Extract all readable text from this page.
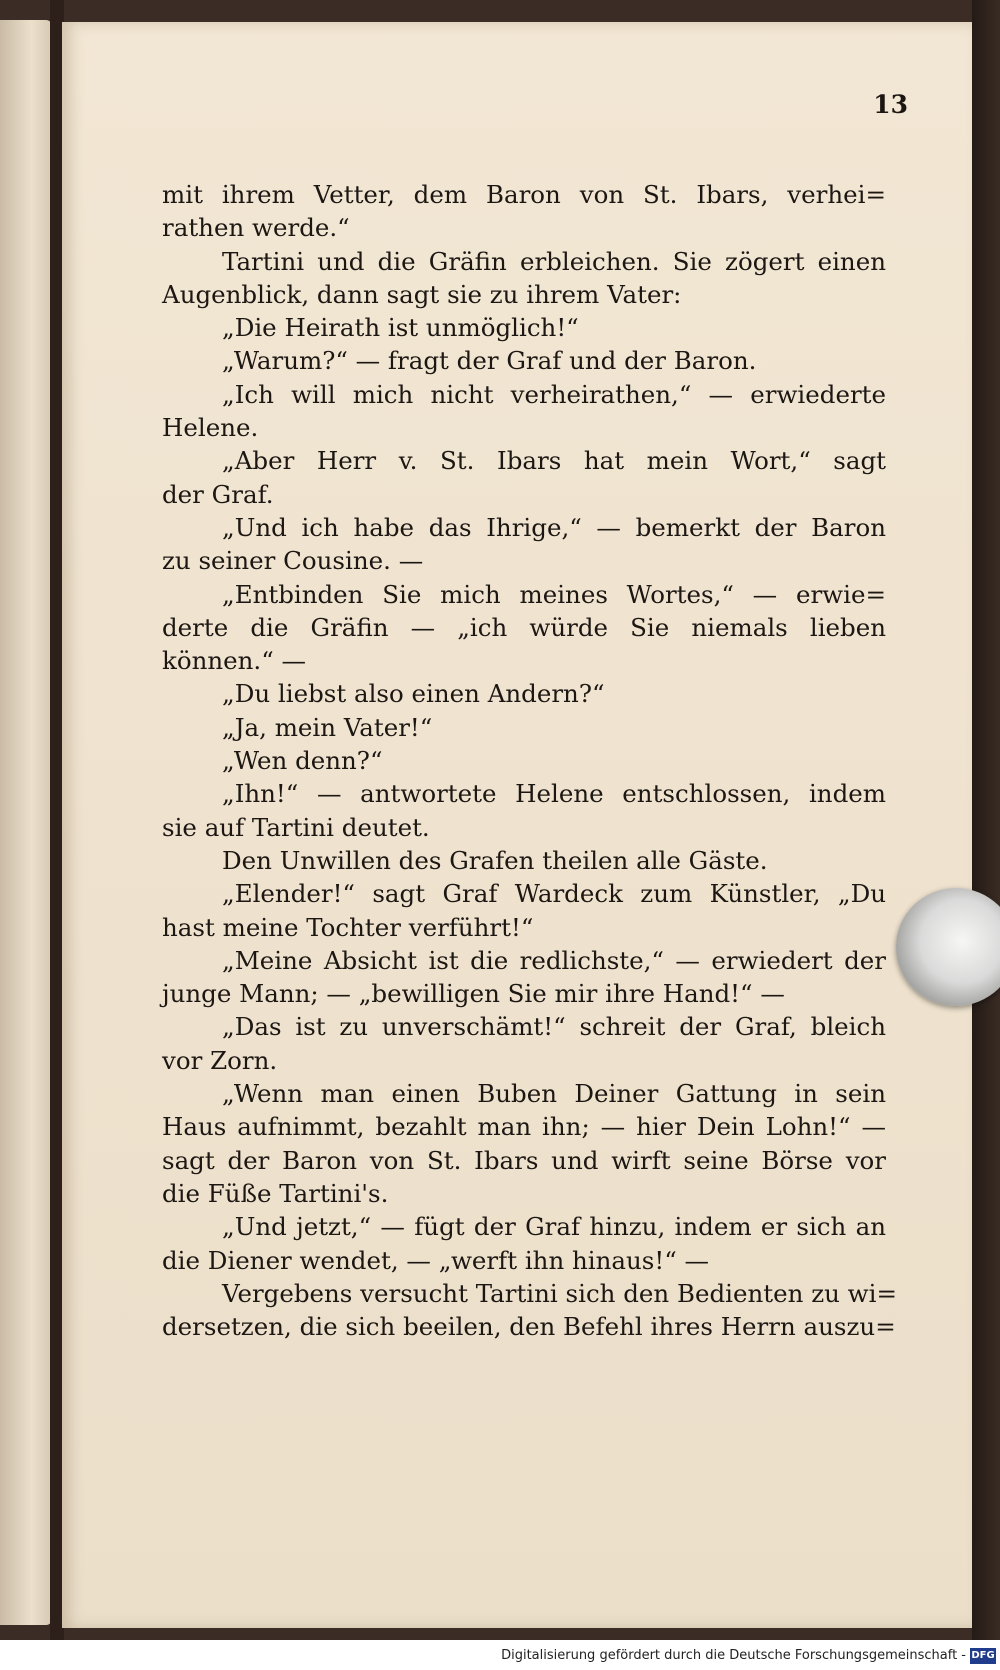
13
mit ihrem Vetter, dem Baron von St. Ibars, verhei=
rathen werde.“
Tartini und die Gräfin erbleichen. Sie zögert einen
Augenblick, dann sagt sie zu ihrem Vater:
„Die Heirath ist unmöglich!“
„Warum?“ — fragt der Graf und der Baron.
„Ich will mich nicht verheirathen,“ — erwiederte
Helene.
„Aber Herr v. St. Ibars hat mein Wort,“ sagt
der Graf.
„Und ich habe das Ihrige,“ — bemerkt der Baron
zu seiner Cousine. —
„Entbinden Sie mich meines Wortes,“ — erwie=
derte die Gräfin — „ich würde Sie niemals lieben
können.“ —
„Du liebst also einen Andern?“
„Ja, mein Vater!“
„Wen denn?“
„Ihn!“ — antwortete Helene entschlossen, indem
sie auf Tartini deutet.
Den Unwillen des Grafen theilen alle Gäste.
„Elender!“ sagt Graf Wardeck zum Künstler, „Du
hast meine Tochter verführt!“
„Meine Absicht ist die redlichste,“ — erwiedert der
junge Mann; — „bewilligen Sie mir ihre Hand!“ —
„Das ist zu unverschämt!“ schreit der Graf, bleich
vor Zorn.
„Wenn man einen Buben Deiner Gattung in sein
Haus aufnimmt, bezahlt man ihn; — hier Dein Lohn!“ —
sagt der Baron von St. Ibars und wirft seine Börse vor
die Füße Tartini's.
„Und jetzt,“ — fügt der Graf hinzu, indem er sich an
die Diener wendet, — „werft ihn hinaus!“ —
Vergebens versucht Tartini sich den Bedienten zu wi=
dersetzen, die sich beeilen, den Befehl ihres Herrn auszu=
Digitalisierung gefördert durch die Deutsche Forschungsgemeinschaft - DFG
